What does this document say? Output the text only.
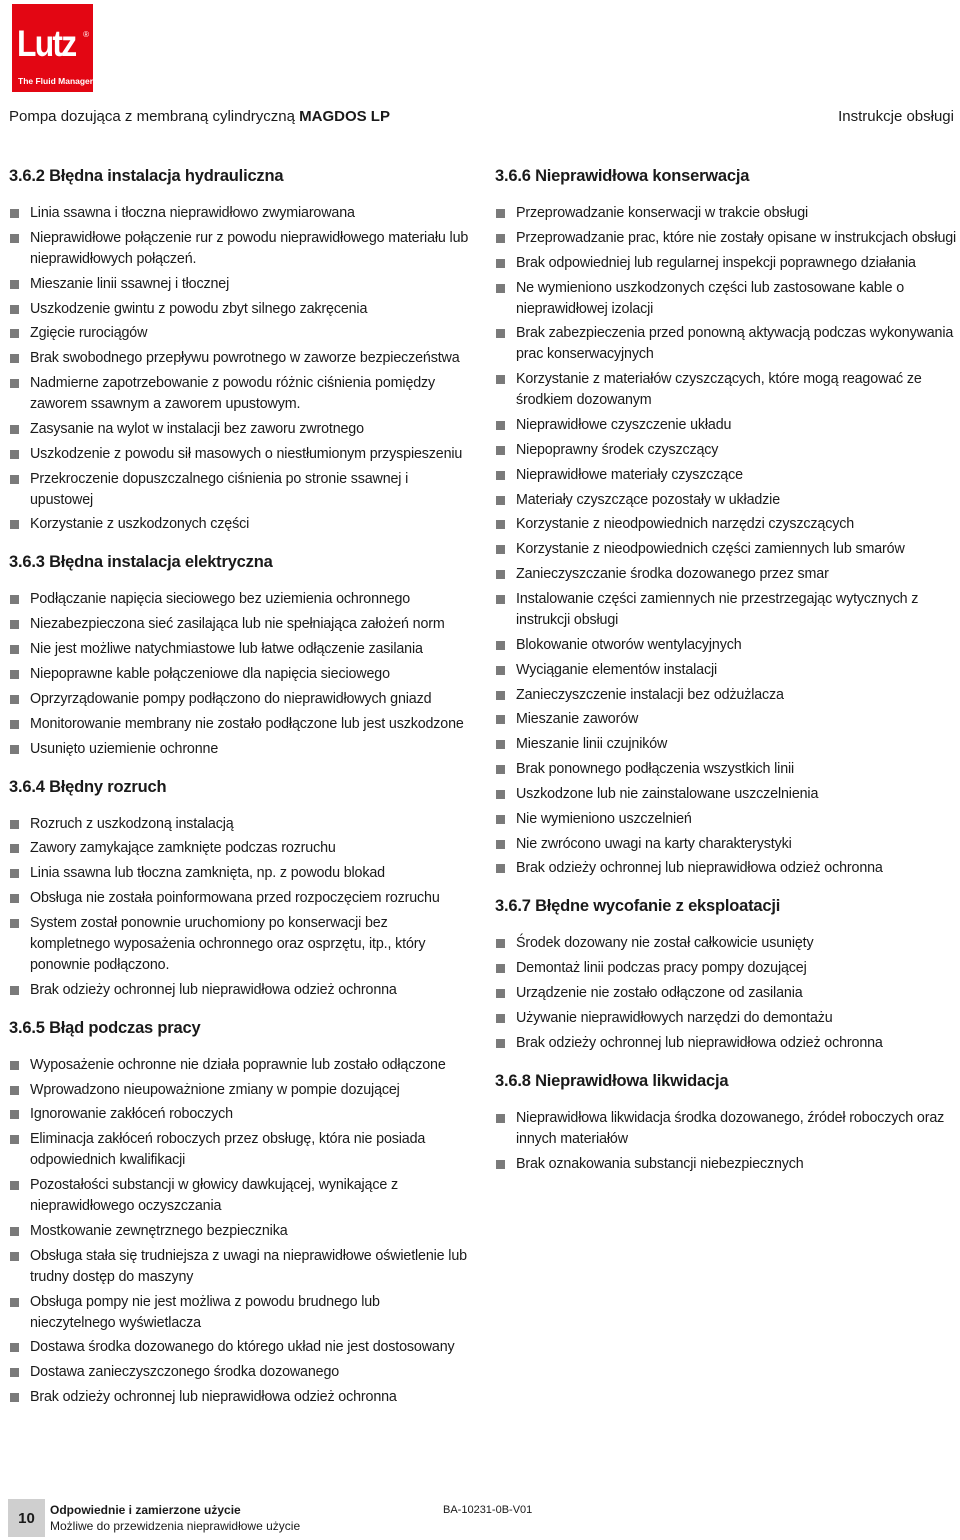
Lutz ®
The Fluid Managers
Pompa dozująca z membraną cylindryczną MAGDOS LP	Instrukcje obsługi
3.6.2 Błędna instalacja hydrauliczna
Linia ssawna i tłoczna nieprawidłowo zwymiarowana
Nieprawidłowe połączenie rur z powodu nieprawidłowego materiału lub nieprawidłowych połączeń.
Mieszanie linii ssawnej i tłocznej
Uszkodzenie gwintu z powodu zbyt silnego zakręcenia
Zgięcie rurociągów
Brak swobodnego przepływu powrotnego w zaworze bezpieczeństwa
Nadmierne zapotrzebowanie z powodu różnic ciśnienia pomiędzy zaworem ssawnym a zaworem upustowym.
Zasysanie na wylot w instalacji bez zaworu zwrotnego
Uszkodzenie z powodu sił masowych o niestłumionym przyspieszeniu
Przekroczenie dopuszczalnego ciśnienia po stronie ssawnej i upustowej
Korzystanie z uszkodzonych części
3.6.3 Błędna instalacja elektryczna
Podłączanie napięcia sieciowego bez uziemienia ochronnego
Niezabezpieczona sieć zasilająca lub nie spełniająca założeń norm
Nie jest możliwe natychmiastowe lub łatwe odłączenie zasilania
Niepoprawne kable połączeniowe dla napięcia sieciowego
Oprzyrządowanie pompy podłączono do nieprawidłowych gniazd
Monitorowanie membrany nie zostało podłączone lub jest uszkodzone
Usunięto uziemienie ochronne
3.6.4 Błędny rozruch
Rozruch z uszkodzoną instalacją
Zawory zamykające zamknięte podczas rozruchu
Linia ssawna lub tłoczna zamknięta, np. z powodu blokad
Obsługa nie została poinformowana przed rozpoczęciem rozruchu
System został ponownie uruchomiony po konserwacji bez kompletnego wyposażenia ochronnego oraz osprzętu, itp., który ponownie podłączono.
Brak odzieży ochronnej lub nieprawidłowa odzież ochronna
3.6.5 Błąd podczas pracy
Wyposażenie ochronne nie działa poprawnie lub zostało odłączone
Wprowadzono nieupoważnione zmiany w pompie dozującej
Ignorowanie zakłóceń roboczych
Eliminacja zakłóceń roboczych przez obsługę, która nie posiada odpowiednich kwalifikacji
Pozostałości substancji w głowicy dawkującej, wynikające z nieprawidłowego oczyszczania
Mostkowanie zewnętrznego bezpiecznika
Obsługa stała się trudniejsza z uwagi na nieprawidłowe oświetlenie lub trudny dostęp do maszyny
Obsługa pompy nie jest możliwa z powodu brudnego lub nieczytelnego wyświetlacza
Dostawa środka dozowanego do którego układ nie jest dostosowany
Dostawa zanieczyszczonego środka dozowanego
Brak odzieży ochronnej lub nieprawidłowa odzież ochronna
3.6.6 Nieprawidłowa konserwacja
Przeprowadzanie konserwacji w trakcie obsługi
Przeprowadzanie prac, które nie zostały opisane w instrukcjach obsługi
Brak odpowiedniej lub regularnej inspekcji poprawnego działania
Ne wymieniono uszkodzonych części lub zastosowane kable o nieprawidłowej izolacji
Brak zabezpieczenia przed ponowną aktywacją podczas wykonywania prac konserwacyjnych
Korzystanie z materiałów czyszczących, które mogą reagować ze środkiem dozowanym
Nieprawidłowe czyszczenie układu
Niepoprawny środek czyszczący
Nieprawidłowe materiały czyszczące
Materiały czyszczące pozostały w układzie
Korzystanie z nieodpowiednich narzędzi czyszczących
Korzystanie z nieodpowiednich części zamiennych lub smarów
Zanieczyszczanie środka dozowanego przez smar
Instalowanie części zamiennych nie przestrzegając wytycznych z instrukcji obsługi
Blokowanie otworów wentylacyjnych
Wyciąganie elementów instalacji
Zanieczyszczenie instalacji bez odżużlacza
Mieszanie zaworów
Mieszanie linii czujników
Brak ponownego podłączenia wszystkich linii
Uszkodzone lub nie zainstalowane uszczelnienia
Nie wymieniono uszczelnień
Nie zwrócono uwagi na karty charakterystyki
Brak odzieży ochronnej lub nieprawidłowa odzież ochronna
3.6.7 Błędne wycofanie z eksploatacji
Środek dozowany nie został całkowicie usunięty
Demontaż linii podczas pracy pompy dozującej
Urządzenie nie zostało odłączone od zasilania
Używanie nieprawidłowych narzędzi do demontażu
Brak odzieży ochronnej lub nieprawidłowa odzież ochronna
3.6.8 Nieprawidłowa likwidacja
Nieprawidłowa likwidacja środka dozowanego, źródeł roboczych oraz innych materiałów
Brak oznakowania substancji niebezpiecznych
10	Odpowiednie i zamierzone użycie
Możliwe do przewidzenia nieprawidłowe użycie
BA-10231-0B-V01
